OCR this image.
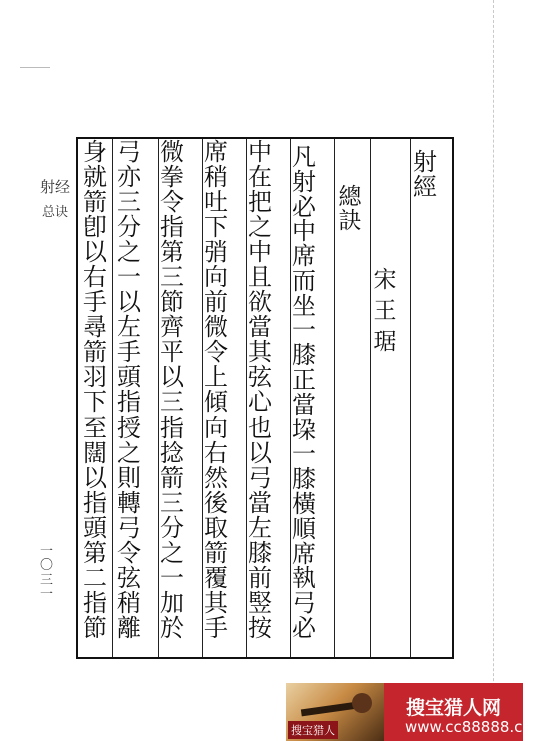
射经
总诀
一
〇
三
一
射
經
宋
王
琚
總
訣
凡
射
必
中
席
而
坐
一
膝
正
當
垜
一
膝
橫
順
席
執
弓
必
中
在
把
之
中
且
欲
當
其
弦
心
也
以
弓
當
左
膝
前
竪
按
席
稍
吐
下
弰
向
前
微
令
上
傾
向
右
然
後
取
箭
覆
其
手
微
拳
令
指
第
三
節
齊
平
以
三
指
捻
箭
三
分
之
一
加
於
弓
亦
三
分
之
一
以
左
手
頭
指
授
之
則
轉
弓
令
弦
稍
離
身
就
箭
卽
以
右
手
尋
箭
羽
下
至
闊
以
指
頭
第
二
指
節
搜宝猎人
搜宝猎人网
www.cc88888.com
